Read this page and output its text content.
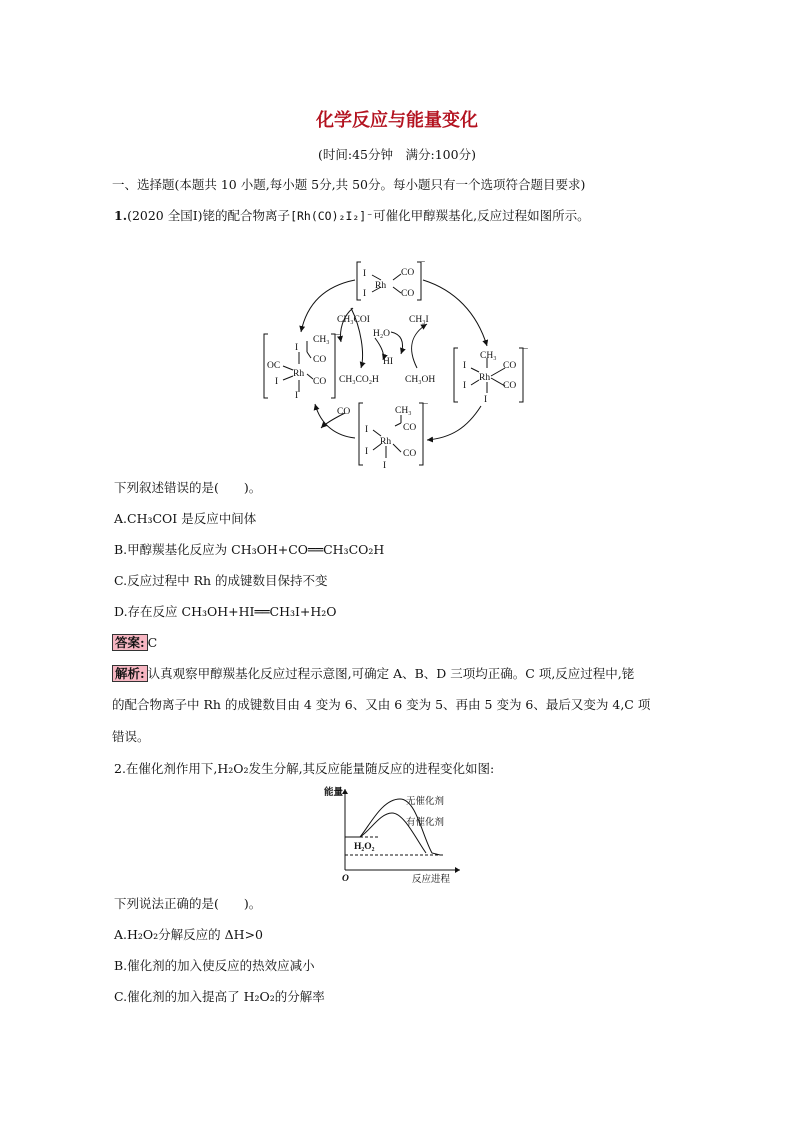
化学反应与能量变化
(时间:45分钟　满分:100分)
一、选择题(本题共 10 小题,每小题 5分,共 50分。每小题只有一个选项符合题目要求)
1.(2020 全国Ⅰ)铑的配合物离子[Rh(CO)₂I₂]⁻可催化甲醇羰基化,反应过程如图所示。
I
Rh
CO
CO
I
−
CH₃
I
Rh
CO
I	CO
I
−
CH₃
CO
I
Rh
I	CO
I
−
I
CH₃
OC
CO
Rh
I	CO
I
−
CH₃COI
H₂O
CH₃I
HI
CH₃CO₂H	CH₃OH
CO
下列叙述错误的是(　　)。
A.CH₃COI 是反应中间体
B.甲醇羰基化反应为 CH₃OH+CO══CH₃CO₂H
C.反应过程中 Rh 的成键数目保持不变
D.存在反应 CH₃OH+HI══CH₃I+H₂O
答案: C
解析: 认真观察甲醇羰基化反应过程示意图,可确定 A、B、D 三项均正确。C 项,反应过程中,铑
的配合物离子中 Rh 的成键数目由 4 变为 6、又由 6 变为 5、再由 5 变为 6、最后又变为 4,C 项
错误。
2.在催化剂作用下,H₂O₂发生分解,其反应能量随反应的进程变化如图:
能量
反应进程
O
无催化剂
有催化剂
H₂O₂
下列说法正确的是(　　)。
A.H₂O₂分解反应的 ΔH>0
B.催化剂的加入使反应的热效应减小
C.催化剂的加入提高了 H₂O₂的分解率
